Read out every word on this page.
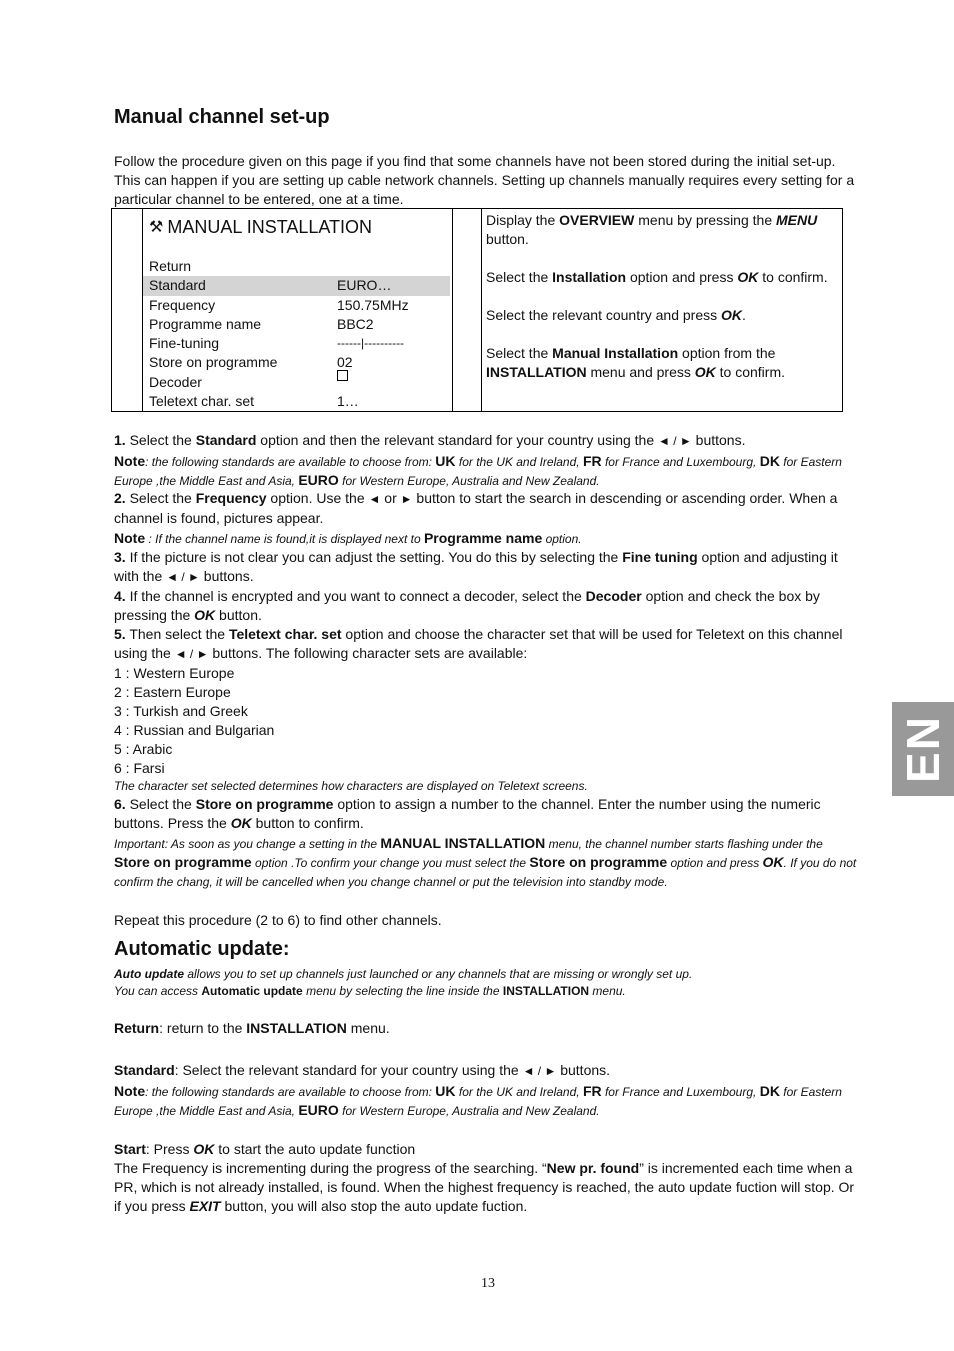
Manual channel set-up
Follow the procedure given on this page if you find that some channels have not been stored during the initial set-up. This can happen if you are setting up cable network channels. Setting up channels manually requires every setting for a particular channel to be entered, one at a time.

⚒ MANUAL INSTALLATION
Return
Standard	EURO…
Frequency	150.75MHz
Programme name	BBC2
Fine-tuning	------|----------
Store on programme	02
Decoder
Teletext char. set	1…

Display the OVERVIEW menu by pressing the MENU button.

Select the Installation option and press OK to confirm.

Select the relevant country and press OK.

Select the Manual Installation option from the INSTALLATION menu and press OK to confirm.

1. Select the Standard option and then the relevant standard for your country using the ◄ / ► buttons.
Note: the following standards are available to choose from: UK for the UK and Ireland, FR for France and Luxembourg, DK for Eastern Europe ,the Middle East and Asia, EURO for Western Europe, Australia and New Zealand.
2. Select the Frequency option. Use the ◄ or ► button to start the search in descending or ascending order. When a channel is found, pictures appear.
Note : If the channel name is found,it is displayed next to Programme name option.
3. If the picture is not clear you can adjust the setting. You do this by selecting the Fine tuning option and adjusting it with the ◄ / ► buttons.
4. If the channel is encrypted and you want to connect a decoder, select the Decoder option and check the box by pressing the OK button.
5. Then select the Teletext char. set option and choose the character set that will be used for Teletext on this channel using the ◄ / ► buttons. The following character sets are available:
1 : Western Europe
2 : Eastern Europe
3 : Turkish and Greek
4 : Russian and Bulgarian
5 : Arabic
6 : Farsi
The character set selected determines how characters are displayed on Teletext screens.
6. Select the Store on programme option to assign a number to the channel. Enter the number using the numeric buttons. Press the OK button to confirm.
Important: As soon as you change a setting in the MANUAL INSTALLATION menu, the channel number starts flashing under the Store on programme option .To confirm your change you must select the Store on programme option and press OK. If you do not confirm the chang, it will be cancelled when you change channel or put the television into standby mode.
Repeat this procedure (2 to 6) to find other channels.
Automatic update:
Auto update allows you to set up channels just launched or any channels that are missing or wrongly set up.
You can access Automatic update menu by selecting the line inside the INSTALLATION menu.
Return: return to the INSTALLATION menu.
Standard: Select the relevant standard for your country using the ◄ / ► buttons.
Note: the following standards are available to choose from: UK for the UK and Ireland, FR for France and Luxembourg, DK for Eastern Europe ,the Middle East and Asia, EURO for Western Europe, Australia and New Zealand.
Start: Press OK to start the auto update function
The Frequency is incrementing during the progress of the searching. “New pr. found” is incremented each time when a PR, which is not already installed, is found. When the highest frequency is reached, the auto update fuction will stop. Or if you press EXIT button, you will also stop the auto update fuction.
13
EN
